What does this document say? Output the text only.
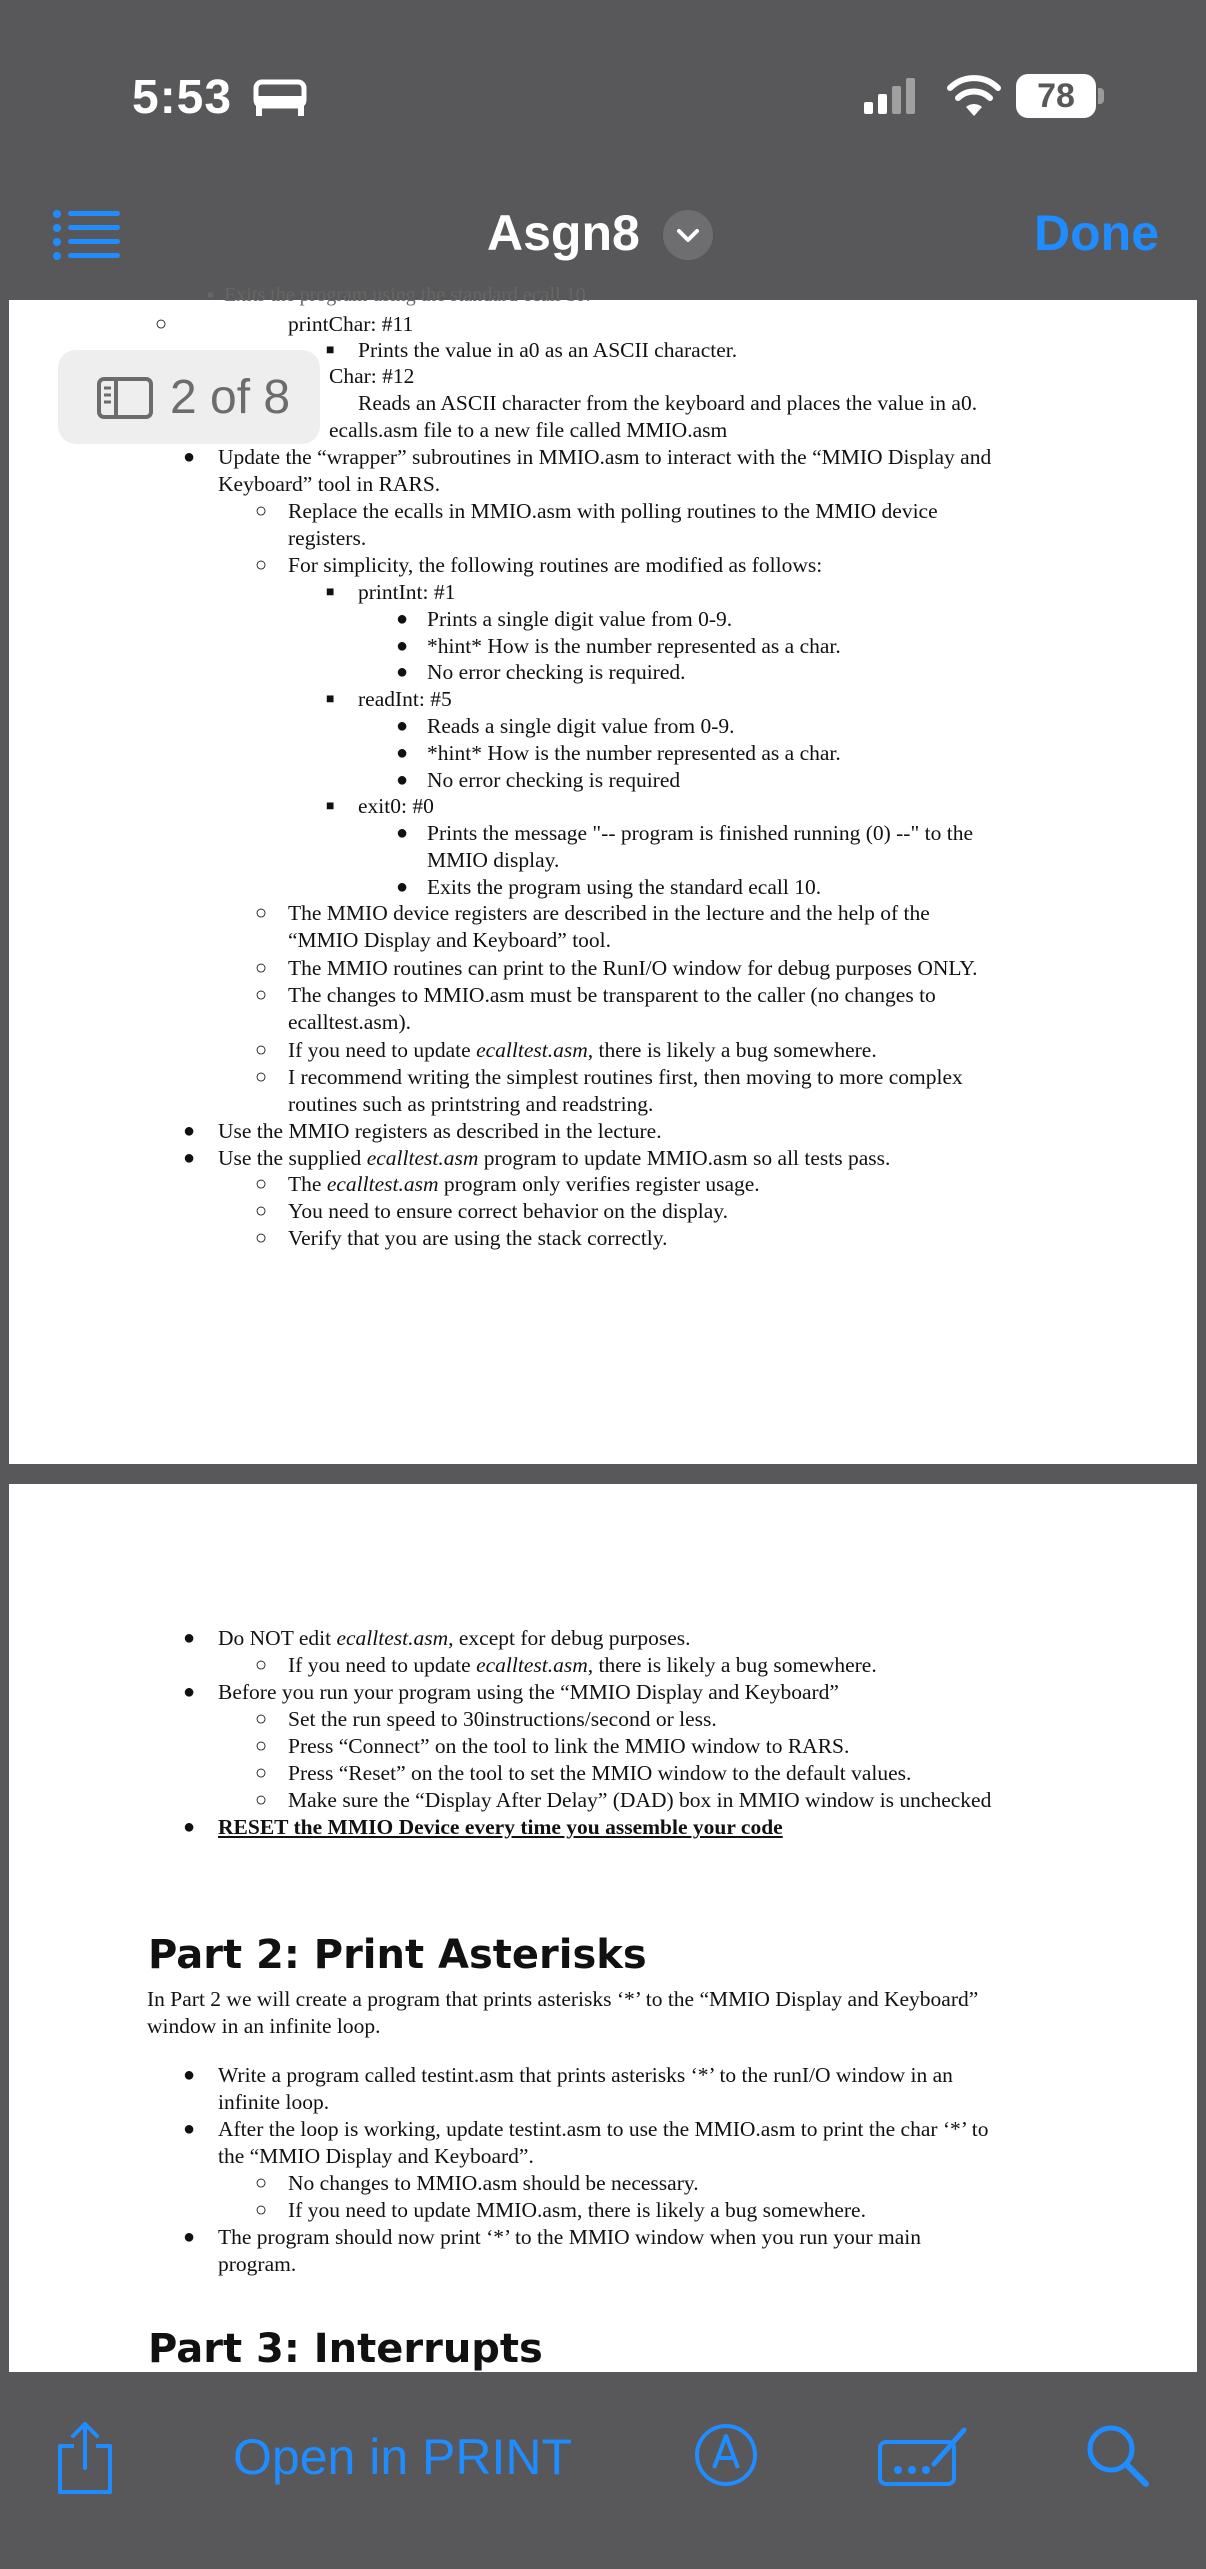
5:53	78
Asgn8	Done
▪  Exits the program using the standard ecall 10.
○	printChar: #11
■ Prints the value in a0 as an ASCII character.
Char: #12
Reads an ASCII character from the keyboard and places the value in a0.
ecalls.asm file to a new file called MMIO.asm
● Update the “wrapper” subroutines in MMIO.asm to interact with the “MMIO Display and
Keyboard” tool in RARS.
○ Replace the ecalls in MMIO.asm with polling routines to the MMIO device
registers.
○ For simplicity, the following routines are modified as follows:
■ printInt: #1
● Prints a single digit value from 0-9.
● *hint* How is the number represented as a char.
● No error checking is required.
■ readInt: #5
● Reads a single digit value from 0-9.
● *hint* How is the number represented as a char.
● No error checking is required
■ exit0: #0
● Prints the message "-- program is finished running (0) --" to the
MMIO display.
● Exits the program using the standard ecall 10.
○ The MMIO device registers are described in the lecture and the help of the
“MMIO Display and Keyboard” tool.
○ The MMIO routines can print to the RunI/O window for debug purposes ONLY.
○ The changes to MMIO.asm must be transparent to the caller (no changes to
ecalltest.asm).
○ If you need to update ecalltest.asm, there is likely a bug somewhere.
○ I recommend writing the simplest routines first, then moving to more complex
routines such as printstring and readstring.
● Use the MMIO registers as described in the lecture.
● Use the supplied ecalltest.asm program to update MMIO.asm so all tests pass.
○ The ecalltest.asm program only verifies register usage.
○ You need to ensure correct behavior on the display.
○ Verify that you are using the stack correctly.
2 of 8
● Do NOT edit ecalltest.asm, except for debug purposes.
○ If you need to update ecalltest.asm, there is likely a bug somewhere.
● Before you run your program using the “MMIO Display and Keyboard”
○ Set the run speed to 30instructions/second or less.
○ Press “Connect” on the tool to link the MMIO window to RARS.
○ Press “Reset” on the tool to set the MMIO window to the default values.
○ Make sure the “Display After Delay” (DAD) box in MMIO window is unchecked
● RESET the MMIO Device every time you assemble your code
Part 2: Print Asterisks
In Part 2 we will create a program that prints asterisks ‘*’ to the “MMIO Display and Keyboard”
window in an infinite loop.
● Write a program called testint.asm that prints asterisks ‘*’ to the runI/O window in an
infinite loop.
● After the loop is working, update testint.asm to use the MMIO.asm to print the char ‘*’ to
the “MMIO Display and Keyboard”.
○ No changes to MMIO.asm should be necessary.
○ If you need to update MMIO.asm, there is likely a bug somewhere.
● The program should now print ‘*’ to the MMIO window when you run your main
program.
Part 3: Interrupts
Open in PRINT
